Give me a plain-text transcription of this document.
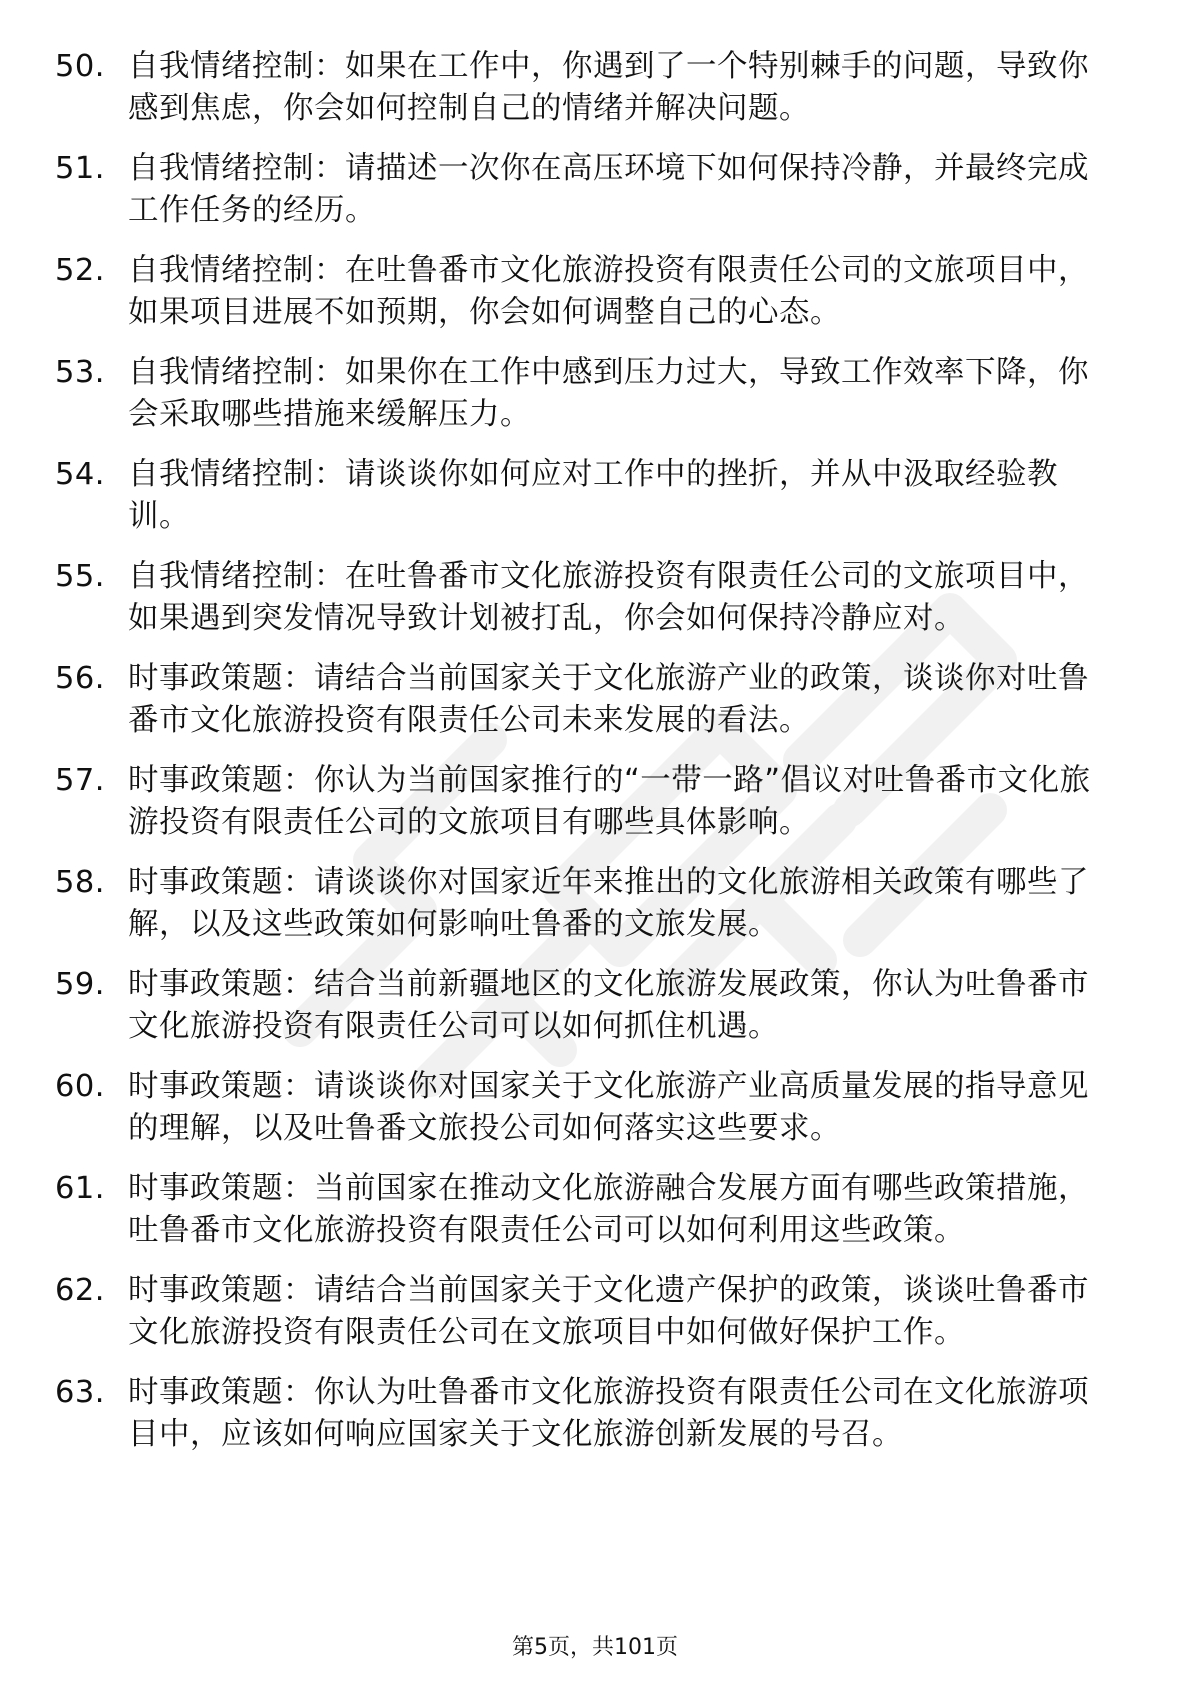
50. 自我情绪控制：如果在工作中，你遇到了一个特别棘手的问题，导致你感到焦虑，你会如何控制自己的情绪并解决问题。
51. 自我情绪控制：请描述一次你在高压环境下如何保持冷静，并最终完成工作任务的经历。
52. 自我情绪控制：在吐鲁番市文化旅游投资有限责任公司的文旅项目中，如果项目进展不如预期，你会如何调整自己的心态。
53. 自我情绪控制：如果你在工作中感到压力过大，导致工作效率下降，你会采取哪些措施来缓解压力。
54. 自我情绪控制：请谈谈你如何应对工作中的挫折，并从中汲取经验教训。
55. 自我情绪控制：在吐鲁番市文化旅游投资有限责任公司的文旅项目中，如果遇到突发情况导致计划被打乱，你会如何保持冷静应对。
56. 时事政策题：请结合当前国家关于文化旅游产业的政策，谈谈你对吐鲁番市文化旅游投资有限责任公司未来发展的看法。
57. 时事政策题：你认为当前国家推行的“一带一路”倡议对吐鲁番市文化旅游投资有限责任公司的文旅项目有哪些具体影响。
58. 时事政策题：请谈谈你对国家近年来推出的文化旅游相关政策有哪些了解，以及这些政策如何影响吐鲁番的文旅发展。
59. 时事政策题：结合当前新疆地区的文化旅游发展政策，你认为吐鲁番市文化旅游投资有限责任公司可以如何抓住机遇。
60. 时事政策题：请谈谈你对国家关于文化旅游产业高质量发展的指导意见的理解，以及吐鲁番文旅投公司如何落实这些要求。
61. 时事政策题：当前国家在推动文化旅游融合发展方面有哪些政策措施，吐鲁番市文化旅游投资有限责任公司可以如何利用这些政策。
62. 时事政策题：请结合当前国家关于文化遗产保护的政策，谈谈吐鲁番市文化旅游投资有限责任公司在文旅项目中如何做好保护工作。
63. 时事政策题：你认为吐鲁番市文化旅游投资有限责任公司在文化旅游项目中，应该如何响应国家关于文化旅游创新发展的号召。
第5页，共101页
